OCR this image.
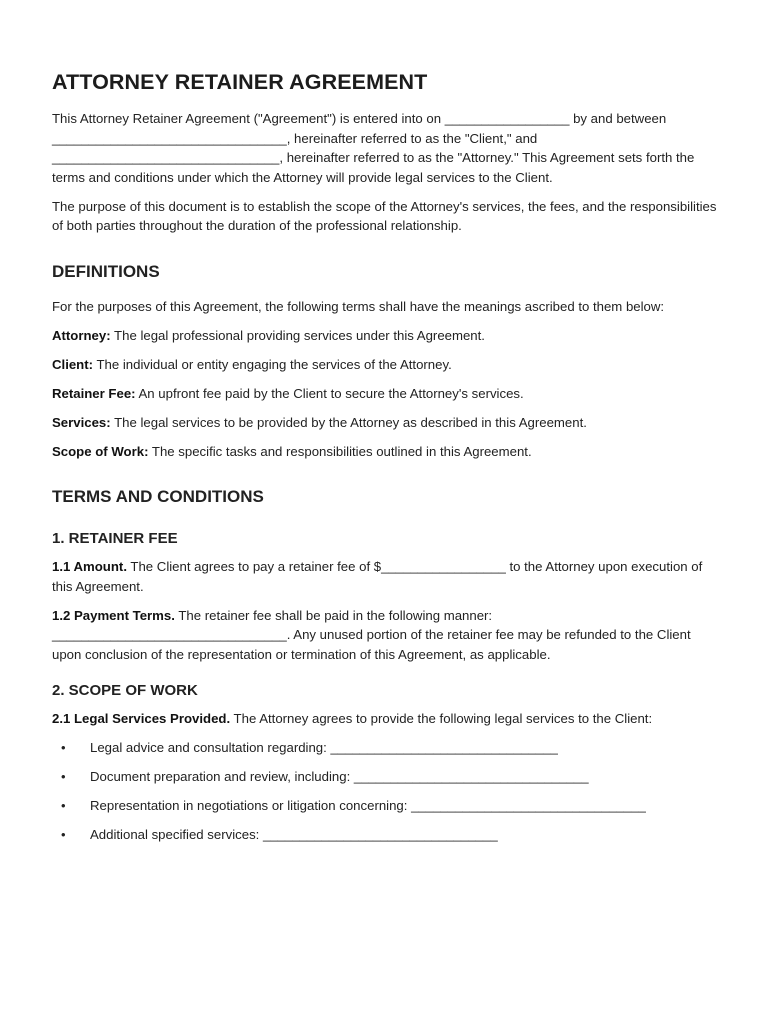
ATTORNEY RETAINER AGREEMENT

This Attorney Retainer Agreement ("Agreement") is entered into on _________________ by and between ________________________________, hereinafter referred to as the "Client," and _______________________________, hereinafter referred to as the "Attorney." This Agreement sets forth the terms and conditions under which the Attorney will provide legal services to the Client.

The purpose of this document is to establish the scope of the Attorney's services, the fees, and the responsibilities of both parties throughout the duration of the professional relationship.

DEFINITIONS

For the purposes of this Agreement, the following terms shall have the meanings ascribed to them below:

Attorney: The legal professional providing services under this Agreement.

Client: The individual or entity engaging the services of the Attorney.

Retainer Fee: An upfront fee paid by the Client to secure the Attorney's services.

Services: The legal services to be provided by the Attorney as described in this Agreement.

Scope of Work: The specific tasks and responsibilities outlined in this Agreement.

TERMS AND CONDITIONS
1. RETAINER FEE

1.1 Amount. The Client agrees to pay a retainer fee of $_________________ to the Attorney upon execution of this Agreement.

1.2 Payment Terms. The retainer fee shall be paid in the following manner: ________________________________. Any unused portion of the retainer fee may be refunded to the Client upon conclusion of the representation or termination of this Agreement, as applicable.

2. SCOPE OF WORK

2.1 Legal Services Provided. The Attorney agrees to provide the following legal services to the Client:

• Legal advice and consultation regarding: _______________________________
• Document preparation and review, including: ________________________________
• Representation in negotiations or litigation concerning: ________________________________
• Additional specified services: ________________________________
